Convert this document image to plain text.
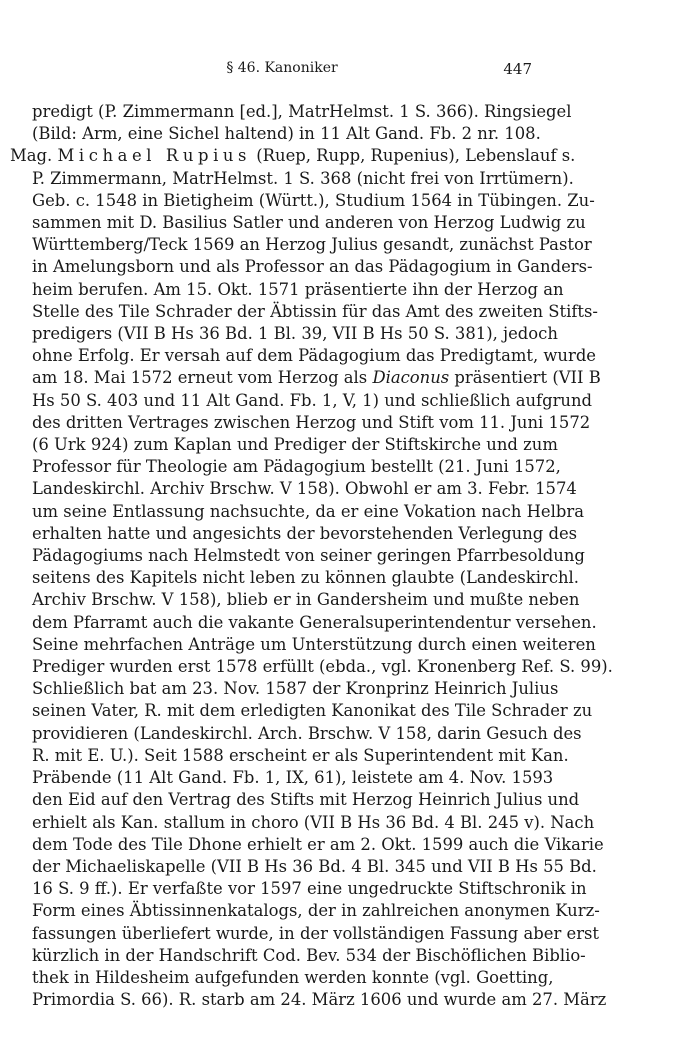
§ 46. Kanoniker	447
predigt (P. Zimmermann [ed.], MatrHelmst. 1 S. 366). Ringsiegel
(Bild: Arm, eine Sichel haltend) in 11 Alt Gand. Fb. 2 nr. 108.
Mag. Michael Rupius (Ruep, Rupp, Rupenius), Lebenslauf s.
P. Zimmermann, MatrHelmst. 1 S. 368 (nicht frei von Irrtümern).
Geb. c. 1548 in Bietigheim (Württ.), Studium 1564 in Tübingen. Zu-
sammen mit D. Basilius Satler und anderen von Herzog Ludwig zu
Württemberg/Teck 1569 an Herzog Julius gesandt, zunächst Pastor
in Amelungsborn und als Professor an das Pädagogium in Ganders-
heim berufen. Am 15. Okt. 1571 präsentierte ihn der Herzog an
Stelle des Tile Schrader der Äbtissin für das Amt des zweiten Stifts-
predigers (VII B Hs 36 Bd. 1 Bl. 39, VII B Hs 50 S. 381), jedoch
ohne Erfolg. Er versah auf dem Pädagogium das Predigtamt, wurde
am 18. Mai 1572 erneut vom Herzog als Diaconus präsentiert (VII B
Hs 50 S. 403 und 11 Alt Gand. Fb. 1, V, 1) und schließlich aufgrund
des dritten Vertrages zwischen Herzog und Stift vom 11. Juni 1572
(6 Urk 924) zum Kaplan und Prediger der Stiftskirche und zum
Professor für Theologie am Pädagogium bestellt (21. Juni 1572,
Landeskirchl. Archiv Brschw. V 158). Obwohl er am 3. Febr. 1574
um seine Entlassung nachsuchte, da er eine Vokation nach Helbra
erhalten hatte und angesichts der bevorstehenden Verlegung des
Pädagogiums nach Helmstedt von seiner geringen Pfarrbesoldung
seitens des Kapitels nicht leben zu können glaubte (Landeskirchl.
Archiv Brschw. V 158), blieb er in Gandersheim und mußte neben
dem Pfarramt auch die vakante Generalsuperintendentur versehen.
Seine mehrfachen Anträge um Unterstützung durch einen weiteren
Prediger wurden erst 1578 erfüllt (ebda., vgl. Kronenberg Ref. S. 99).
Schließlich bat am 23. Nov. 1587 der Kronprinz Heinrich Julius
seinen Vater, R. mit dem erledigten Kanonikat des Tile Schrader zu
providieren (Landeskirchl. Arch. Brschw. V 158, darin Gesuch des
R. mit E. U.). Seit 1588 erscheint er als Superintendent mit Kan.
Präbende (11 Alt Gand. Fb. 1, IX, 61), leistete am 4. Nov. 1593
den Eid auf den Vertrag des Stifts mit Herzog Heinrich Julius und
erhielt als Kan. stallum in choro (VII B Hs 36 Bd. 4 Bl. 245 v). Nach
dem Tode des Tile Dhone erhielt er am 2. Okt. 1599 auch die Vikarie
der Michaeliskapelle (VII B Hs 36 Bd. 4 Bl. 345 und VII B Hs 55 Bd.
16 S. 9 ff.). Er verfaßte vor 1597 eine ungedruckte Stiftschronik in
Form eines Äbtissinnenkatalogs, der in zahlreichen anonymen Kurz-
fassungen überliefert wurde, in der vollständigen Fassung aber erst
kürzlich in der Handschrift Cod. Bev. 534 der Bischöflichen Biblio-
thek in Hildesheim aufgefunden werden konnte (vgl. Goetting,
Primordia S. 66). R. starb am 24. März 1606 und wurde am 27. März
